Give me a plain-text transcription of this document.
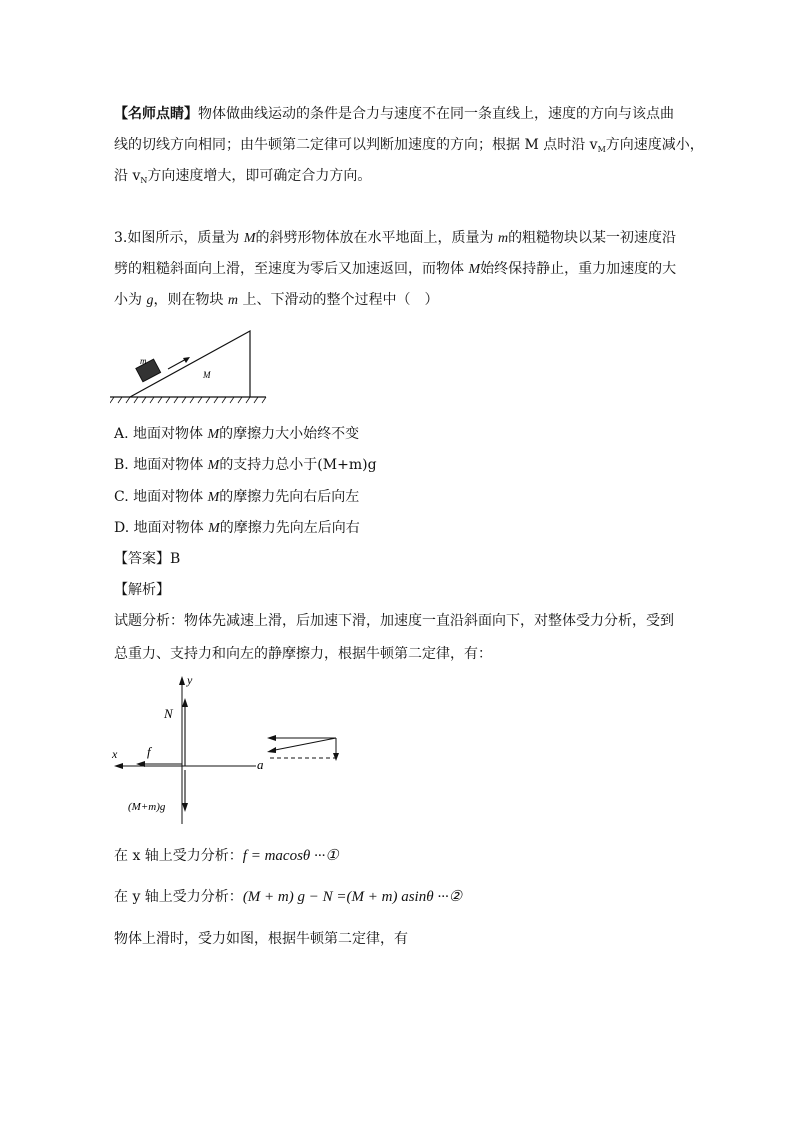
【名师点睛】物体做曲线运动的条件是合力与速度不在同一条直线上，速度的方向与该点曲
线的切线方向相同；由牛顿第二定律可以判断加速度的方向；根据 M 点时沿 $v_M$方向速度减小，
沿 $v_N$方向速度增大，即可确定合力方向。
3.如图所示，质量为 M的斜劈形物体放在水平地面上，质量为 m的粗糙物块以某一初速度沿
劈的粗糙斜面向上滑，至速度为零后又加速返回，而物体 M始终保持静止，重力加速度的大
小为 g，则在物块 m 上、下滑动的整个过程中（　）
m
M
A. 地面对物体 M的摩擦力大小始终不变
B. 地面对物体 M的支持力总小于(M+m)g
C. 地面对物体 M的摩擦力先向右后向左
D. 地面对物体 M的摩擦力先向左后向右
【答案】B
【解析】
试题分析：物体先减速上滑，后加速下滑，加速度一直沿斜面向下，对整体受力分析，受到
总重力、支持力和向左的静摩擦力，根据牛顿第二定律，有：
y
x
N
f
a
(M+m)g
在 x 轴上受力分析：f = macosθ ···①
在 y 轴上受力分析：(M + m) g − N =(M + m) asinθ ···②
物体上滑时，受力如图，根据牛顿第二定律，有
